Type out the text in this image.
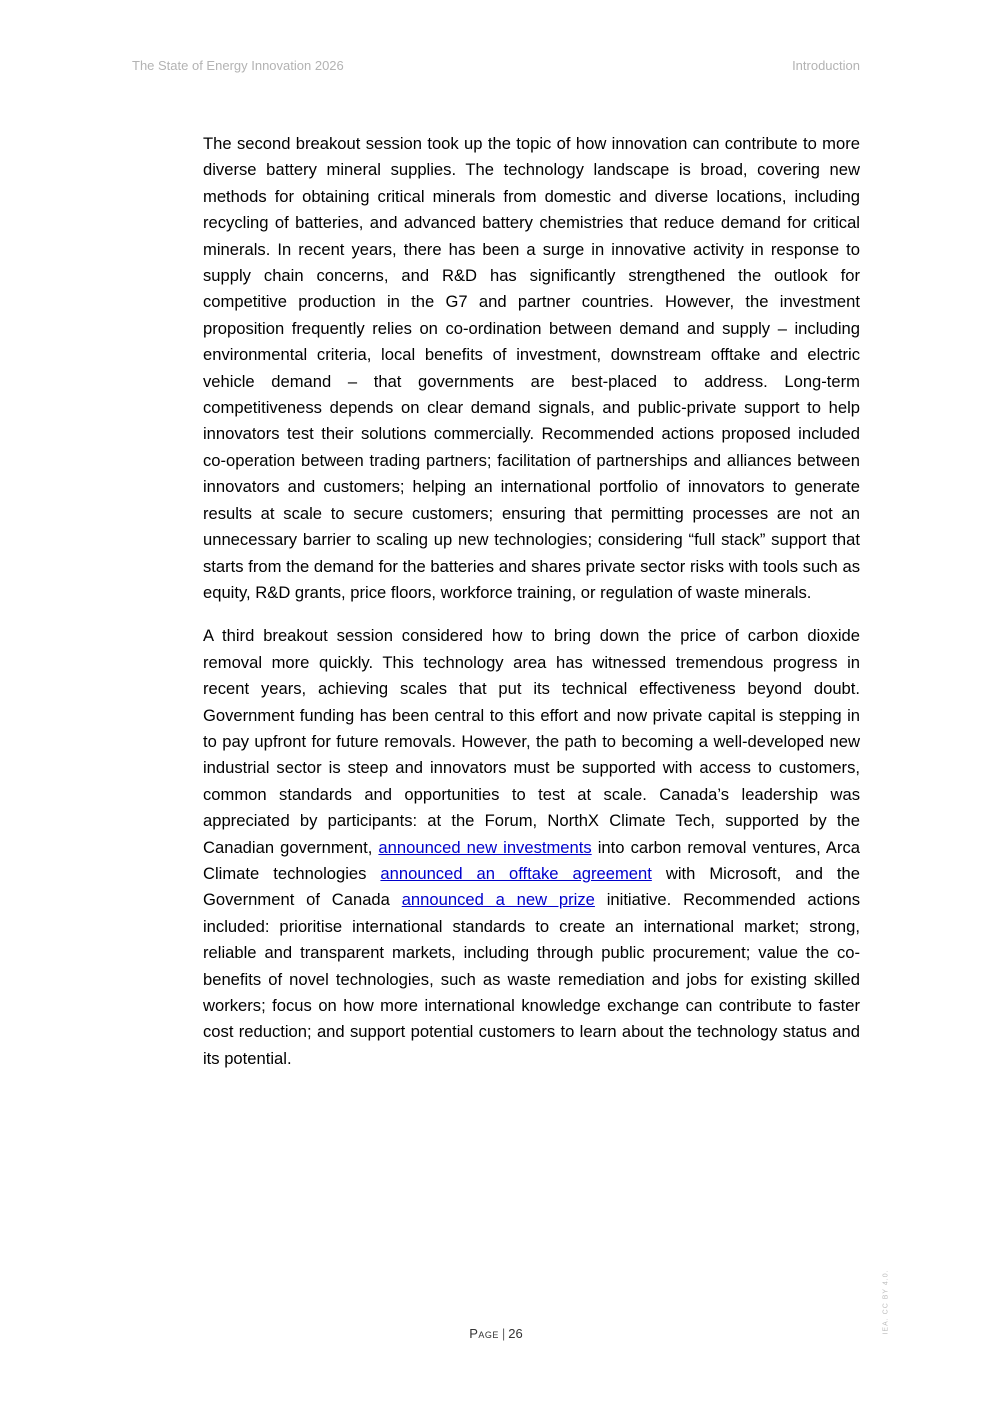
The State of Energy Innovation 2026	Introduction

The second breakout session took up the topic of how innovation can contribute to more diverse battery mineral supplies. The technology landscape is broad, covering new methods for obtaining critical minerals from domestic and diverse locations, including recycling of batteries, and advanced battery chemistries that reduce demand for critical minerals. In recent years, there has been a surge in innovative activity in response to supply chain concerns, and R&D has significantly strengthened the outlook for competitive production in the G7 and partner countries. However, the investment proposition frequently relies on co-ordination between demand and supply – including environmental criteria, local benefits of investment, downstream offtake and electric vehicle demand – that governments are best-placed to address. Long-term competitiveness depends on clear demand signals, and public-private support to help innovators test their solutions commercially. Recommended actions proposed included co-operation between trading partners; facilitation of partnerships and alliances between innovators and customers; helping an international portfolio of innovators to generate results at scale to secure customers; ensuring that permitting processes are not an unnecessary barrier to scaling up new technologies; considering “full stack” support that starts from the demand for the batteries and shares private sector risks with tools such as equity, R&D grants, price floors, workforce training, or regulation of waste minerals.

A third breakout session considered how to bring down the price of carbon dioxide removal more quickly. This technology area has witnessed tremendous progress in recent years, achieving scales that put its technical effectiveness beyond doubt. Government funding has been central to this effort and now private capital is stepping in to pay upfront for future removals. However, the path to becoming a well-developed new industrial sector is steep and innovators must be supported with access to customers, common standards and opportunities to test at scale. Canada’s leadership was appreciated by participants: at the Forum, NorthX Climate Tech, supported by the Canadian government, announced new investments into carbon removal ventures, Arca Climate technologies announced an offtake agreement with Microsoft, and the Government of Canada announced a new prize initiative. Recommended actions included: prioritise international standards to create an international market; strong, reliable and transparent markets, including through public procurement; value the co-benefits of novel technologies, such as waste remediation and jobs for existing skilled workers; focus on how more international knowledge exchange can contribute to faster cost reduction; and support potential customers to learn about the technology status and its potential.

Page | 26	IEA. CC BY 4.0.
